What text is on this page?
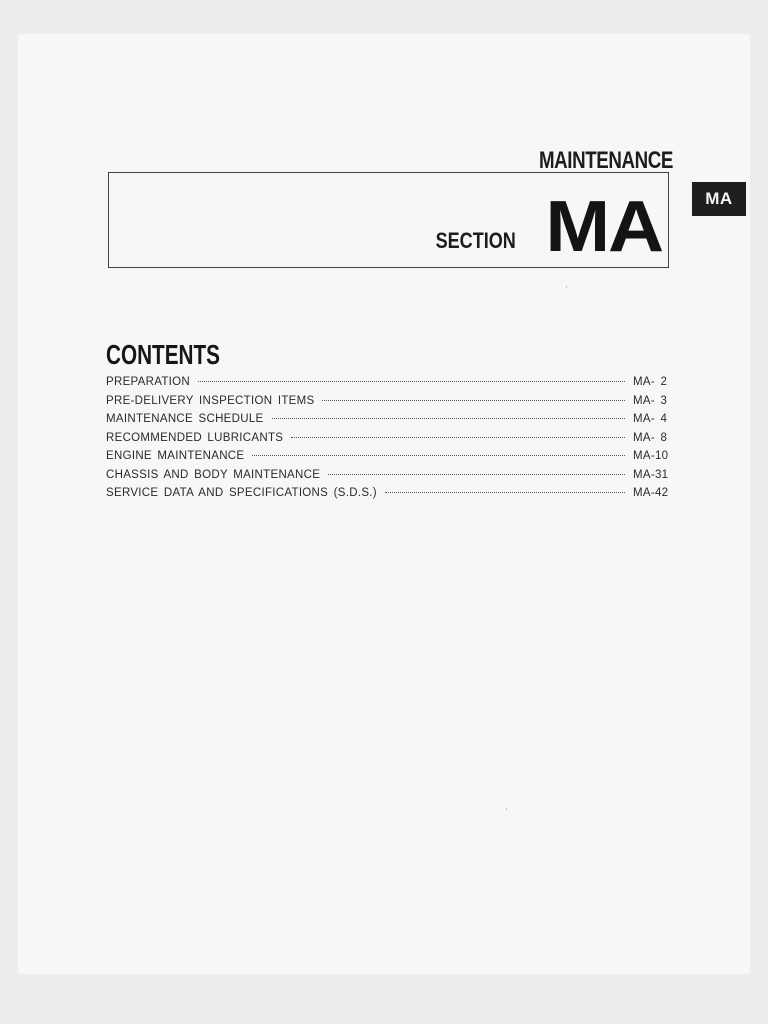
MAINTENANCE
SECTION MA	MA
CONTENTS
PREPARATION	MA- 2
PRE-DELIVERY INSPECTION ITEMS	MA- 3
MAINTENANCE SCHEDULE	MA- 4
RECOMMENDED LUBRICANTS	MA- 8
ENGINE MAINTENANCE	MA-10
CHASSIS AND BODY MAINTENANCE	MA-31
SERVICE DATA AND SPECIFICATIONS (S.D.S.)	MA-42
